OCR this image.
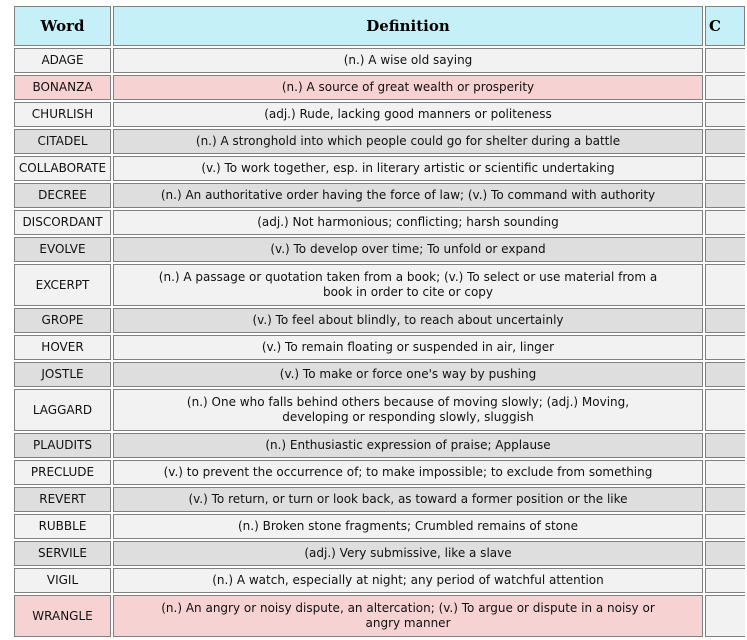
Word	Definition	C
ADAGE	(n.) A wise old saying	
BONANZA	(n.) A source of great wealth or prosperity	
CHURLISH	(adj.) Rude, lacking good manners or politeness	
CITADEL	(n.) A stronghold into which people could go for shelter during a battle	
COLLABORATE	(v.) To work together, esp. in literary artistic or scientific undertaking	
DECREE	(n.) An authoritative order having the force of law; (v.) To command with authority	
DISCORDANT	(adj.) Not harmonious; conflicting; harsh sounding	
EVOLVE	(v.) To develop over time; To unfold or expand	
EXCERPT	(n.) A passage or quotation taken from a book; (v.) To select or use material from a book in order to cite or copy	
GROPE	(v.) To feel about blindly, to reach about uncertainly	
HOVER	(v.) To remain floating or suspended in air, linger	
JOSTLE	(v.) To make or force one's way by pushing	
LAGGARD	(n.) One who falls behind others because of moving slowly; (adj.) Moving, developing or responding slowly, sluggish	
PLAUDITS	(n.) Enthusiastic expression of praise; Applause	
PRECLUDE	(v.) to prevent the occurrence of; to make impossible; to exclude from something	
REVERT	(v.) To return, or turn or look back, as toward a former position or the like	
RUBBLE	(n.) Broken stone fragments; Crumbled remains of stone	
SERVILE	(adj.) Very submissive, like a slave	
VIGIL	(n.) A watch, especially at night; any period of watchful attention	
WRANGLE	(n.) An angry or noisy dispute, an altercation; (v.) To argue or dispute in a noisy or angry manner	
